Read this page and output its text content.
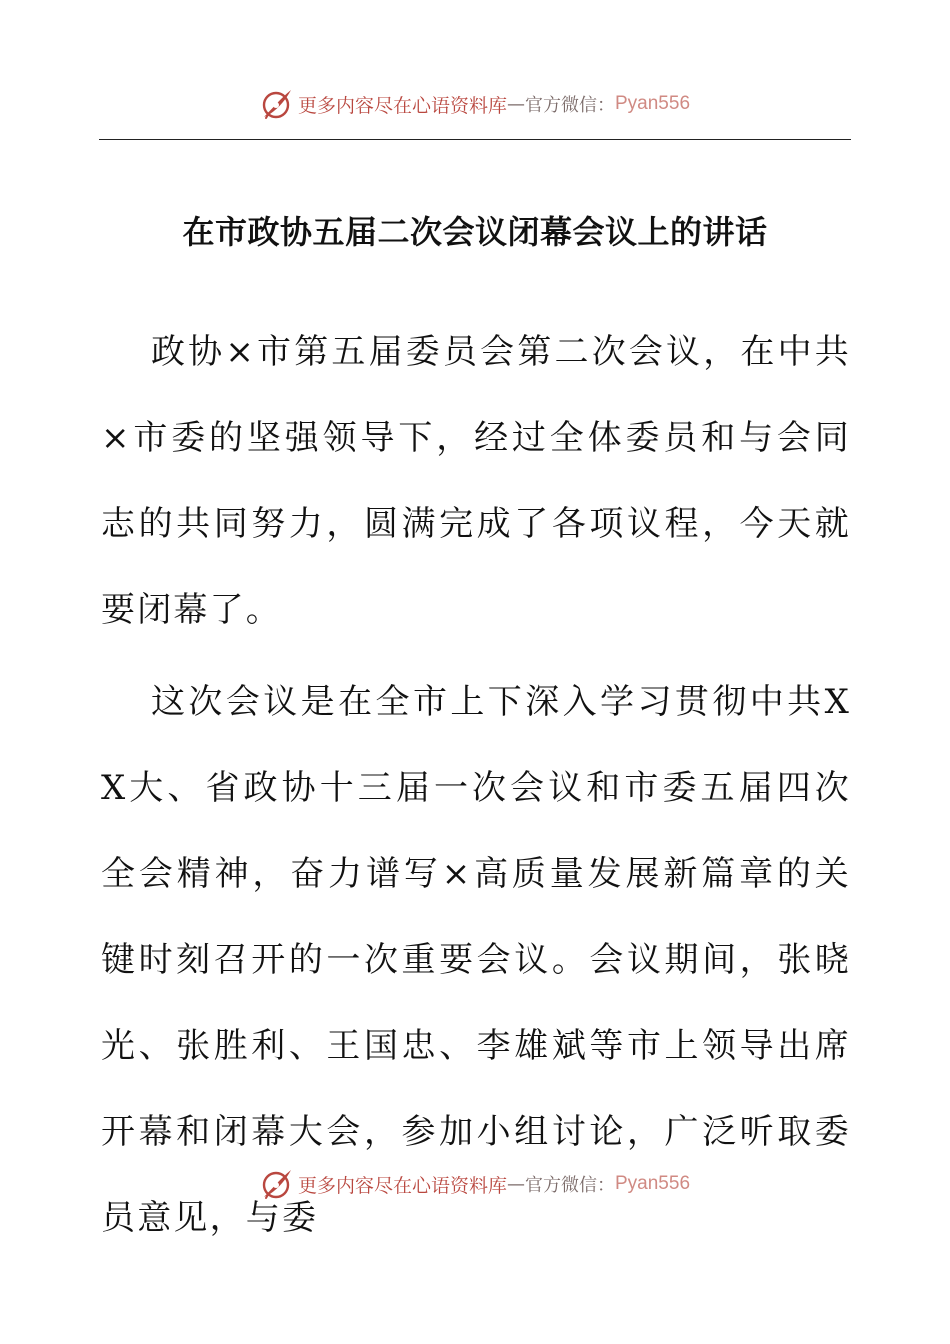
更多内容尽在心语资料库 — 官方微信： Pyan556
在市政协五届二次会议闭幕会议上的讲话

政协×市第五届委员会第二次会议，在中共×市委的坚强领导下，经过全体委员和与会同志的共同努力，圆满完成了各项议程，今天就要闭幕了。

这次会议是在全市上下深入学习贯彻中共XX大、省政协十三届一次会议和市委五届四次全会精神，奋力谱写×高质量发展新篇章的关键时刻召开的一次重要会议。会议期间，张晓光、张胜利、王国忠、李雄斌等市上领导出席开幕和闭幕大会，参加小组讨论，广泛听取委员意见，与委

更多内容尽在心语资料库 — 官方微信： Pyan556
